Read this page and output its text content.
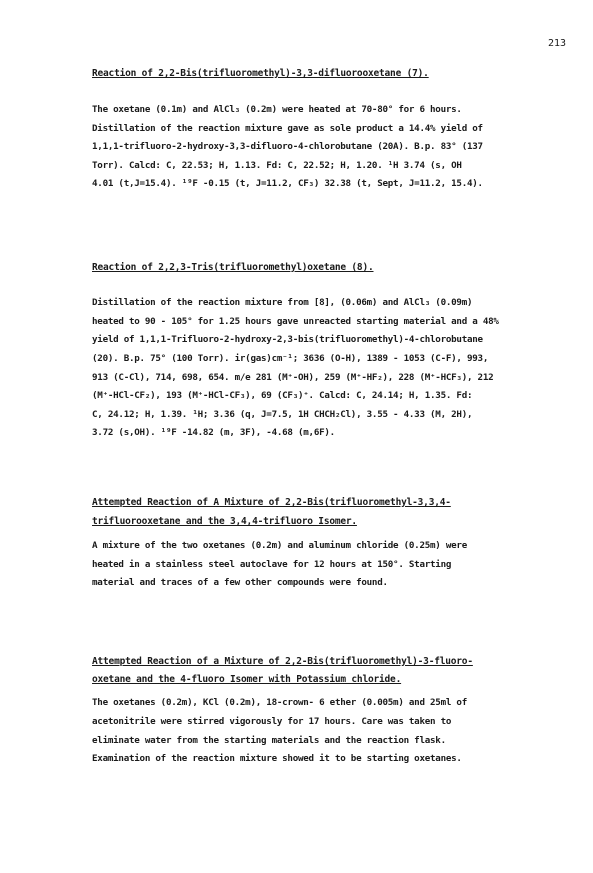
213
Reaction of 2,2-Bis(trifluoromethyl)-3,3-difluorooxetane (7).
The oxetane (0.1m) and AlCl₃ (0.2m) were heated at 70-80° for 6 hours.
Distillation of the reaction mixture gave as sole product a 14.4% yield of
1,1,1-trifluoro-2-hydroxy-3,3-difluoro-4-chlorobutane (20A). B.p. 83° (137
Torr). Calcd: C, 22.53; H, 1.13. Fd: C, 22.52; H, 1.20. ¹H 3.74 (s, OH
4.01 (t,J=15.4). ¹⁹F -0.15 (t, J=11.2, CF₃) 32.38 (t, Sept, J=11.2, 15.4).
Reaction of 2,2,3-Tris(trifluoromethyl)oxetane (8).
Distillation of the reaction mixture from [8], (0.06m) and AlCl₃ (0.09m)
heated to 90 - 105° for 1.25 hours gave unreacted starting material and a 48%
yield of 1,1,1-Trifluoro-2-hydroxy-2,3-bis(trifluoromethyl)-4-chlorobutane
(20). B.p. 75° (100 Torr). ir(gas)cm⁻¹; 3636 (O-H), 1389 - 1053 (C-F), 993,
913 (C-Cl), 714, 698, 654. m/e 281 (M⁺-OH), 259 (M⁺-HF₂), 228 (M⁺-HCF₃), 212
(M⁺-HCl-CF₂), 193 (M⁺-HCl-CF₃), 69 (CF₃)⁺. Calcd: C, 24.14; H, 1.35. Fd:
C, 24.12; H, 1.39. ¹H; 3.36 (q, J=7.5, 1H CHCH₂Cl), 3.55 - 4.33 (M, 2H),
3.72 (s,OH). ¹⁹F -14.82 (m, 3F), -4.68 (m,6F).
Attempted Reaction of A Mixture of 2,2-Bis(trifluoromethyl-3,3,4-
trifluorooxetane and the 3,4,4-trifluoro Isomer.
A mixture of the two oxetanes (0.2m) and aluminum chloride (0.25m) were
heated in a stainless steel autoclave for 12 hours at 150°. Starting
material and traces of a few other compounds were found.
Attempted Reaction of a Mixture of 2,2-Bis(trifluoromethyl)-3-fluoro-
oxetane and the 4-fluoro Isomer with Potassium chloride.
The oxetanes (0.2m), KCl (0.2m), 18-crown- 6 ether (0.005m) and 25ml of
acetonitrile were stirred vigorously for 17 hours. Care was taken to
eliminate water from the starting materials and the reaction flask.
Examination of the reaction mixture showed it to be starting oxetanes.
